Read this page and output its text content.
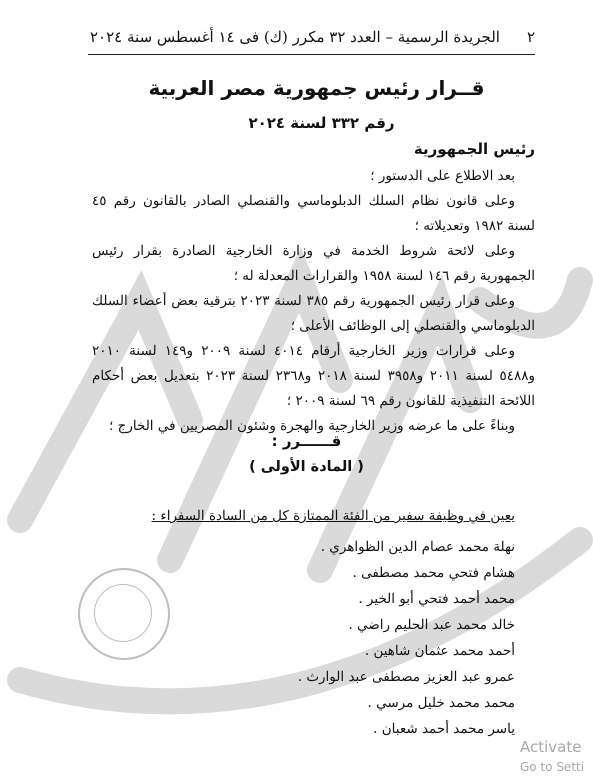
٢
الجريدة الرسمية – العدد ٣٢ مكرر (ك) فى ١٤ أغسطس سنة ٢٠٢٤
قــرار رئيس جمهورية مصر العربية
رقم ٣٣٢ لسنة ٢٠٢٤
رئيس الجمهورية

بعد الاطلاع على الدستور ؛

وعلى قانون نظام السلك الدبلوماسي والقنصلي الصادر بالقانون رقم ٤٥ لسنة ١٩٨٢ وتعديلاته ؛

وعلى لائحة شروط الخدمة في وزارة الخارجية الصادرة بقرار رئيس الجمهورية رقم ١٤٦ لسنة ١٩٥٨ والقرارات المعدلة له ؛

وعلى قرار رئيس الجمهورية رقم ٣٨٥ لسنة ٢٠٢٣ بترقية بعض أعضاء السلك الدبلوماسي والقنصلي إلى الوظائف الأعلى ؛

وعلى قرارات وزير الخارجية أرقام ٤٠١٤ لسنة ٢٠٠٩ و١٤٩ لسنة ٢٠١٠ و٥٤٨٨ لسنة ٢٠١١ و٣٩٥٨ لسنة ٢٠١٨ و٢٣٦٨ لسنة ٢٠٢٣ بتعديل بعض أحكام اللائحة التنفيذية للقانون رقم ٦٩ لسنة ٢٠٠٩ ؛

وبناءً على ما عرضه وزير الخارجية والهجرة وشئون المصريين في الخارج ؛

قــــــرر :
( المادة الأولى )
يعين في وظيفة سفير من الفئة الممتازة كل من السادة السفراء :
نهلة محمد عصام الدين الظواهري .
هشام فتحي محمد مصطفى .
محمد أحمد فتحي أبو الخير .
خالد محمد عبد الحليم راضي .
أحمد محمد عثمان شاهين .
عمرو عبد العزيز مصطفى عبد الوارث .
محمد محمد خليل مرسي .
ياسر محمد أحمد شعبان .
Activate
Go to Setti
